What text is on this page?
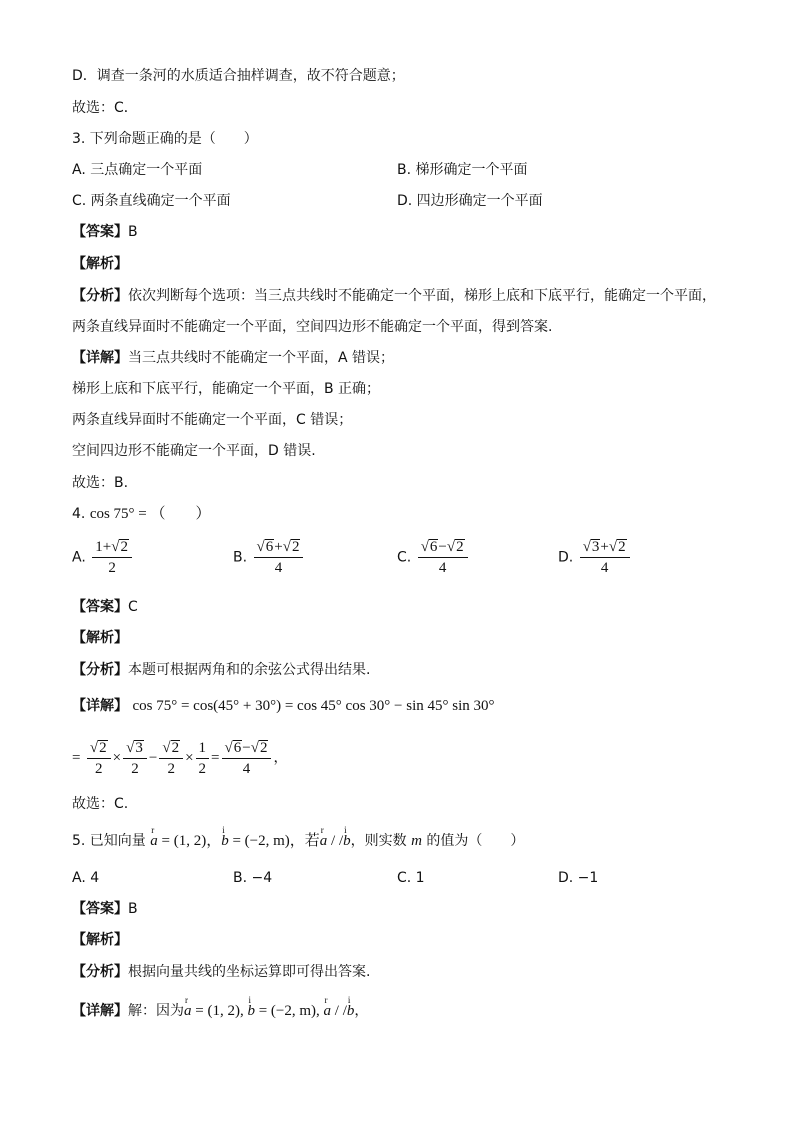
D．调查一条河的水质适合抽样调查，故不符合题意；
故选：C．
3. 下列命题正确的是（　　）
A. 三点确定一个平面	B. 梯形确定一个平面
C. 两条直线确定一个平面	D. 四边形确定一个平面
【答案】B
【解析】
【分析】依次判断每个选项：当三点共线时不能确定一个平面，梯形上底和下底平行，能确定一个平面，
两条直线异面时不能确定一个平面，空间四边形不能确定一个平面，得到答案.
【详解】当三点共线时不能确定一个平面，A 错误；
梯形上底和下底平行，能确定一个平面，B 正确；
两条直线异面时不能确定一个平面，C 错误；
空间四边形不能确定一个平面，D 错误.
故选：B.
4. cos 75° = （　　）
A. $\frac{1+√2}{2}$	B. $\frac{√6+√2}{4}$	C. $\frac{√6-√2}{4}$	D. $\frac{√3+√2}{4}$
【答案】C
【解析】
【分析】本题可根据两角和的余弦公式得出结果.
【详解】 cos 75° = cos(45° + 30°) = cos 45° cos 30° − sin 45° sin 30°
= $\frac{√2}{2} \times \frac{√3}{2} - \frac{√2}{2} \times \frac{1}{2} = \frac{√6-√2}{4}$ ，
故选：C.
5. 已知向量 r a = (1, 2)，i b = (−2, m)，若r a / /i b，则实数 m 的值为（　　）
A. 4	B. −4	C. 1	D. −1
【答案】B
【解析】
【分析】根据向量共线的坐标运算即可得出答案.
【详解】解：因为r a = (1, 2), i b = (−2, m), r a / /i b，
